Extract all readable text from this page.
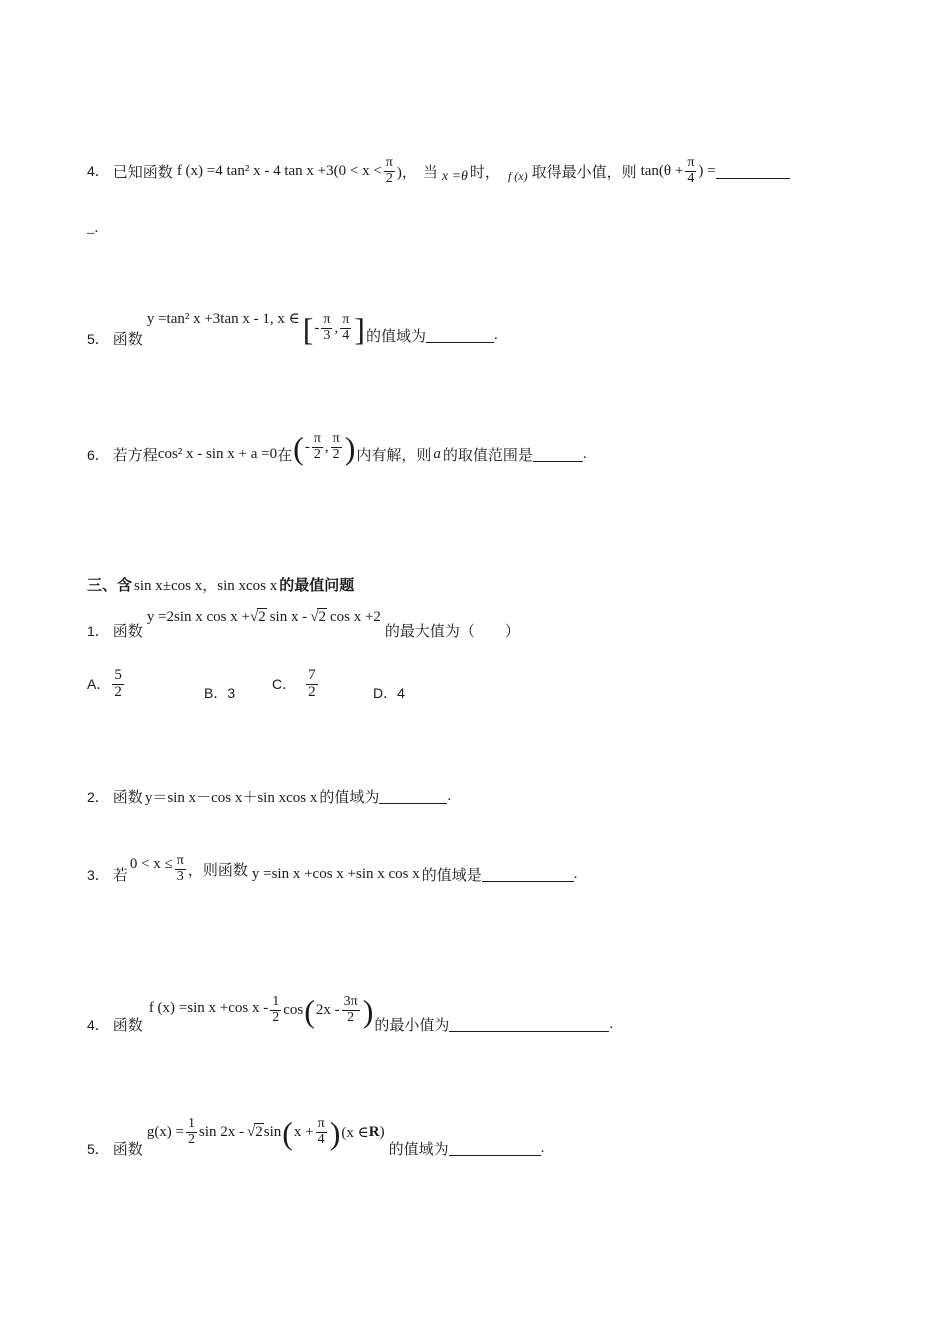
4． 已知函数 f (x) =4 tan² x - 4 $\tan x +3(0 < x < \frac{\pi}{2}$ )， 当 x =θ 时， f (x) 取得最小值，则 $\tan(\theta + \frac{\pi}{4}$ ) =
_.
5． 函数
y =tan² x +3tan x - 1, x ∈ [ - $\frac{\pi}{3}$ , $\frac{\pi}{4}$ ] 的值域为	.
6． 若方程 cos² x - sin x + a =0 在 ( - $\frac{\pi}{2}$ , $\frac{\pi}{2}$ ) 内有解，则 a 的取值范围是	.
三、含 sin x±cos x，sin xcos x 的最值问题
1． 函数
y =2sin x cos x + √2 sin x - √2 cos x +2
的最大值为（　　）
A． $\frac{5}{2}$	B．3
C． $\frac{7}{2}$	D．4
2． 函数 y＝sin x－cos x＋sin xcos x 的值域为	.
3． 若
$0 < x \le \frac{\pi}{3}$ ，则函数 y =sin x +cos x +sin x cos x 的值域是	.
4． 函数
f (x) =sin x +cos x - $\frac{1}{2}$ cos ( $2x - \frac{3\pi}{2}$ ) 的最小值为	.
5． 函数
$g(x) = \frac{1}{2}$ sin 2x - √2 sin ( $x + \frac{\pi}{4}$ ) (x ∈ R )
的值域为	.
